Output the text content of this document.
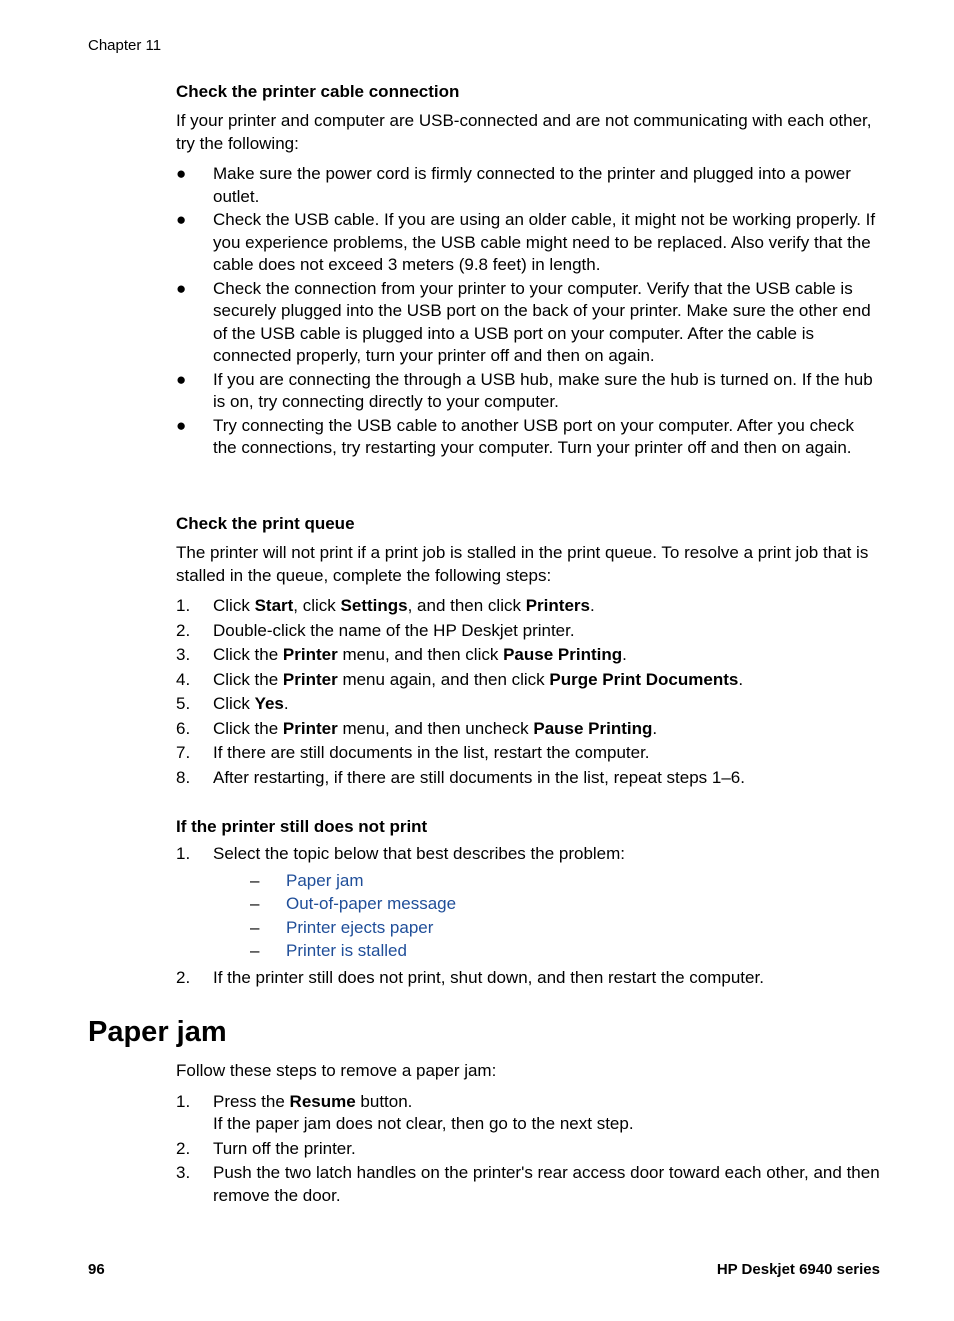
Chapter 11
Check the printer cable connection

If your printer and computer are USB-connected and are not communicating with each other, try the following:

● Make sure the power cord is firmly connected to the printer and plugged into a power outlet.
● Check the USB cable. If you are using an older cable, it might not be working properly. If you experience problems, the USB cable might need to be replaced. Also verify that the cable does not exceed 3 meters (9.8 feet) in length.
● Check the connection from your printer to your computer. Verify that the USB cable is securely plugged into the USB port on the back of your printer. Make sure the other end of the USB cable is plugged into a USB port on your computer. After the cable is connected properly, turn your printer off and then on again.
● If you are connecting the through a USB hub, make sure the hub is turned on. If the hub is on, try connecting directly to your computer.
● Try connecting the USB cable to another USB port on your computer. After you check the connections, try restarting your computer. Turn your printer off and then on again.
Check the print queue

The printer will not print if a print job is stalled in the print queue. To resolve a print job that is stalled in the queue, complete the following steps:

1. Click Start, click Settings, and then click Printers.
2. Double-click the name of the HP Deskjet printer.
3. Click the Printer menu, and then click Pause Printing.
4. Click the Printer menu again, and then click Purge Print Documents.
5. Click Yes.
6. Click the Printer menu, and then uncheck Pause Printing.
7. If there are still documents in the list, restart the computer.
8. After restarting, if there are still documents in the list, repeat steps 1–6.
If the printer still does not print
1. Select the topic below that best describes the problem:
– Paper jam
– Out-of-paper message
– Printer ejects paper
– Printer is stalled
2. If the printer still does not print, shut down, and then restart the computer.
Paper jam

Follow these steps to remove a paper jam:

1. Press the Resume button.
If the paper jam does not clear, then go to the next step.
2. Turn off the printer.
3. Push the two latch handles on the printer's rear access door toward each other, and then remove the door.
96	HP Deskjet 6940 series
